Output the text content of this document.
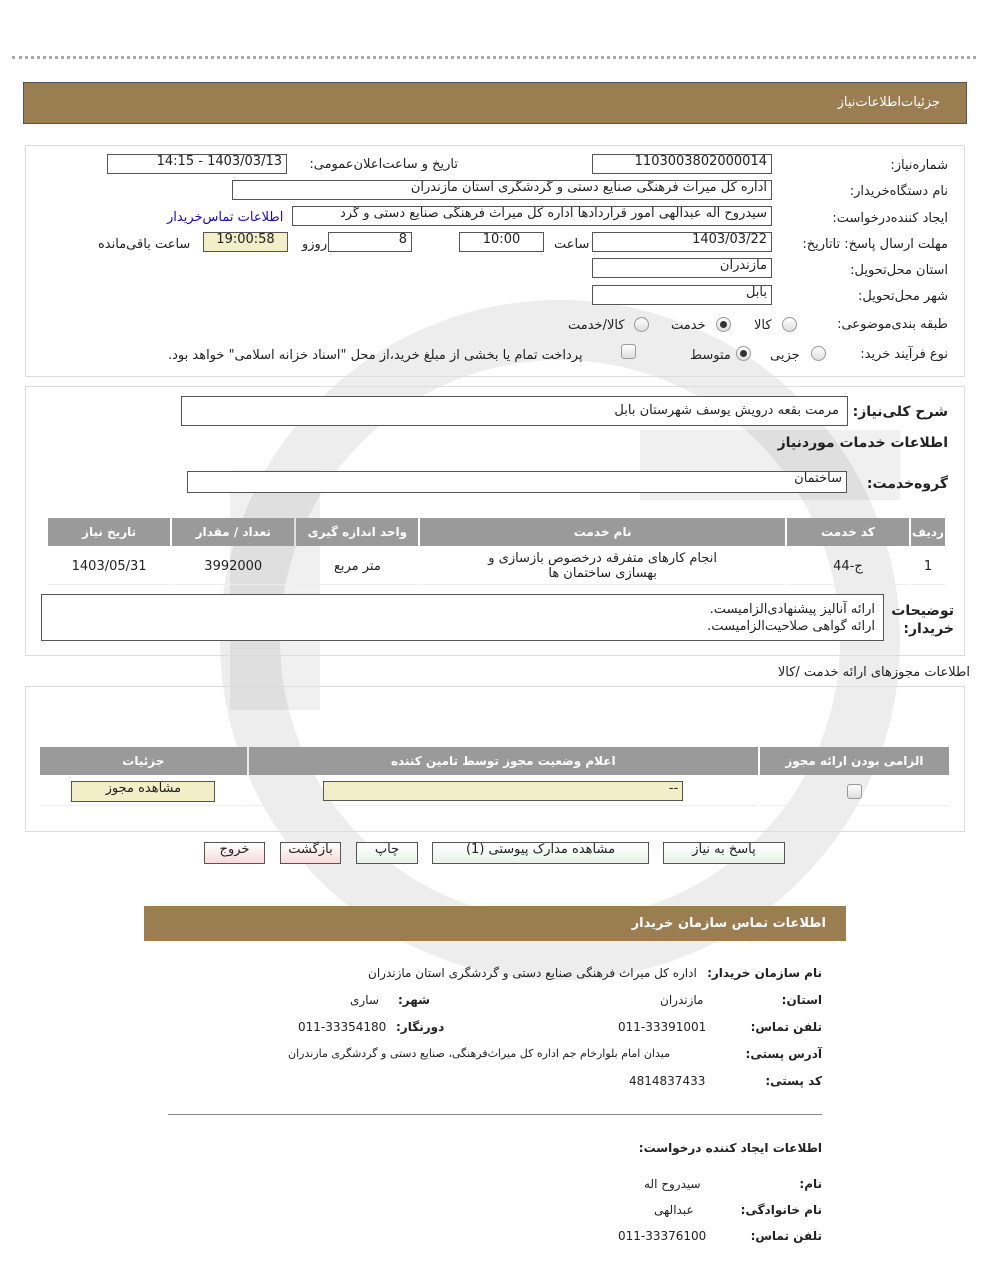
جزئیات‌اطلاعات‌نیاز
شماره‌نیاز:
1103003802000014
تاریخ و ساعت‌اعلان‌عمومی:
1403/03/13 - 14:15
نام دستگاه‌خریدار:
اداره کل میراث فرهنگی صنایع دستی و گردشگری استان مازندران
ایجاد کننده‌درخواست:
سیدروح اله عبدالهی امور قراردادها اداره کل میراث فرهنگی صنایع دستی و گرد
اطلاعات تماس‌خریدار
مهلت ارسال پاسخ: تاتاریخ:
1403/03/22
ساعت
10:00
8
روزو
19:00:58
ساعت باقی‌مانده
استان محل‌تحویل:
مازندران
شهر محل‌تحویل:
بابل
طبقه بندی‌موضوعی:
کالا
خدمت
کالا/خدمت
نوع فرآیند خرید:
جزیی
متوسط
پرداخت تمام یا بخشی از مبلغ خرید،از محل "اسناد خزانه اسلامی" خواهد بود.
شرح کلی‌نیاز:
مرمت بقعه درویش یوسف شهرستان بابل
اطلاعات خدمات موردنیاز
گروه‌خدمت:
ساختمان
ردیف	کد خدمت	نام خدمت	واحد اندازه گیری	تعداد / مقدار	تاریخ نیاز
1	ج-44	انجام کارهای متفرقه درخصوص بازسازی و بهسازی ساختمان ها	متر مربع	3992000	1403/05/31
توضیحات خریدار:
ارائه آنالیز پیشنهادی‌الزامیست.
ارائه گواهی صلاحیت‌الزامیست.
اطلاعات مجوزهای ارائه خدمت /کالا
الزامی بودن ارائه مجوز	اعلام وضعیت مجوز توسط تامین کننده	جزئیات

	--	مشاهده مجوز
پاسخ به نیاز
مشاهده مدارک پیوستی (1)
چاپ
بازگشت
خروج
اطلاعات تماس سازمان خریدار
نام سازمان خریدار:
اداره کل میراث فرهنگی صنایع دستی و گردشگری استان مازندران
استان:
مازندران
شهر:
ساری
تلفن تماس:
011-33391001
دورنگار:
011-33354180
آدرس پستی:
میدان امام بلوارخام جم اداره کل میراث‌فرهنگی، صنایع دستی و گردشگری مازندران
کد پستی:
4814837433
اطلاعات ایجاد کننده درخواست:
نام:
سیدروح اله
نام خانوادگی:
عبدالهی
تلفن تماس:
011-33376100
